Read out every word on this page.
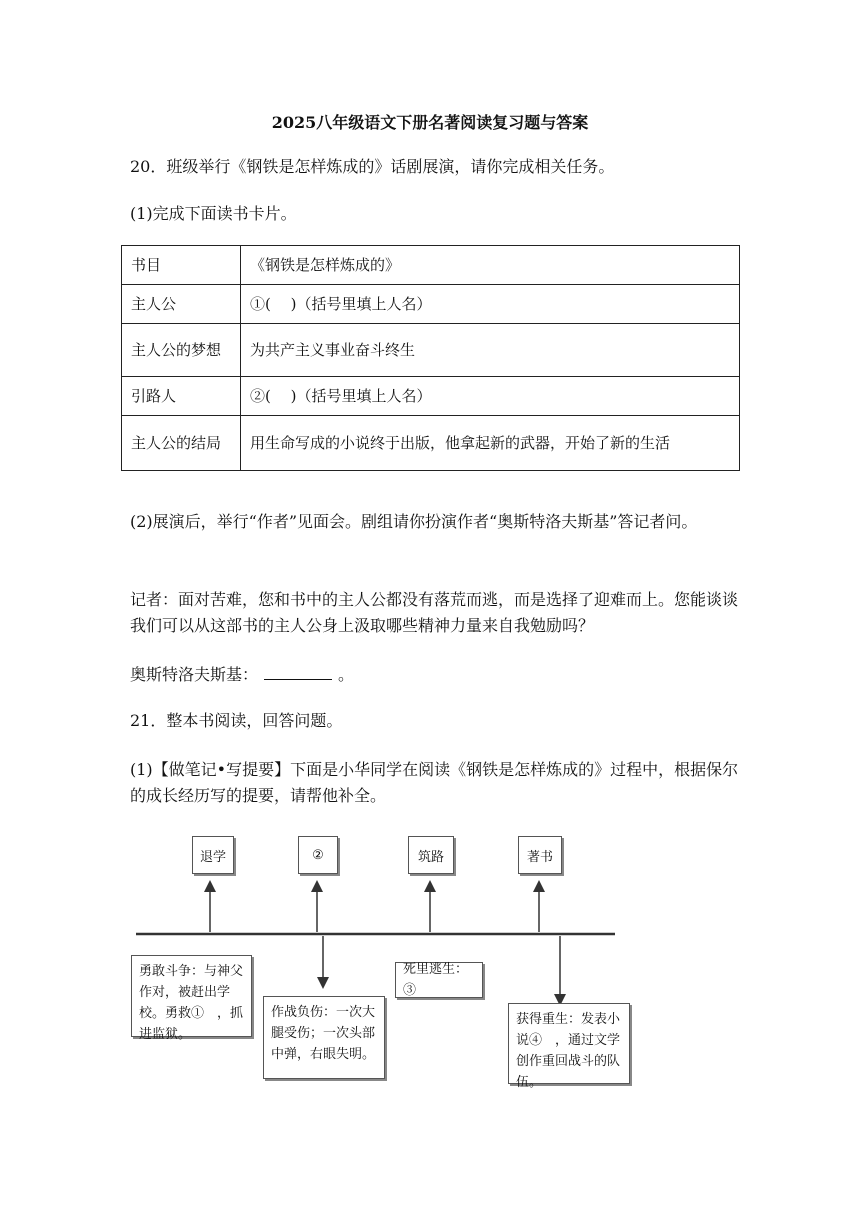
2025八年级语文下册名著阅读复习题与答案
20．班级举行《钢铁是怎样炼成的》话剧展演，请你完成相关任务。
(1)完成下面读书卡片。
书目	《钢铁是怎样炼成的》
主人公	①(　 )（括号里填上人名）
主人公的梦想	为共产主义事业奋斗终生
引路人	②(　 )（括号里填上人名）
主人公的结局	用生命写成的小说终于出版，他拿起新的武器，开始了新的生活
(2)展演后，举行“作者”见面会。剧组请你扮演作者“奥斯特洛夫斯基”答记者问。
记者：面对苦难，您和书中的主人公都没有落荒而逃，而是选择了迎难而上。您能谈谈我们可以从这部书的主人公身上汲取哪些精神力量来自我勉励吗？
奥斯特洛夫斯基：	。
21．整本书阅读，回答问题。
(1)【做笔记•写提要】下面是小华同学在阅读《钢铁是怎样炼成的》过程中，根据保尔的成长经历写的提要，请帮他补全。
退学	②	筑路	著书
勇敢斗争：与神父作对，被赶出学校。勇救①　，抓进监狱。
作战负伤：一次大腿受伤；一次头部中弹，右眼失明。
死里逃生：③
获得重生：发表小说④　，通过文学创作重回战斗的队伍。
